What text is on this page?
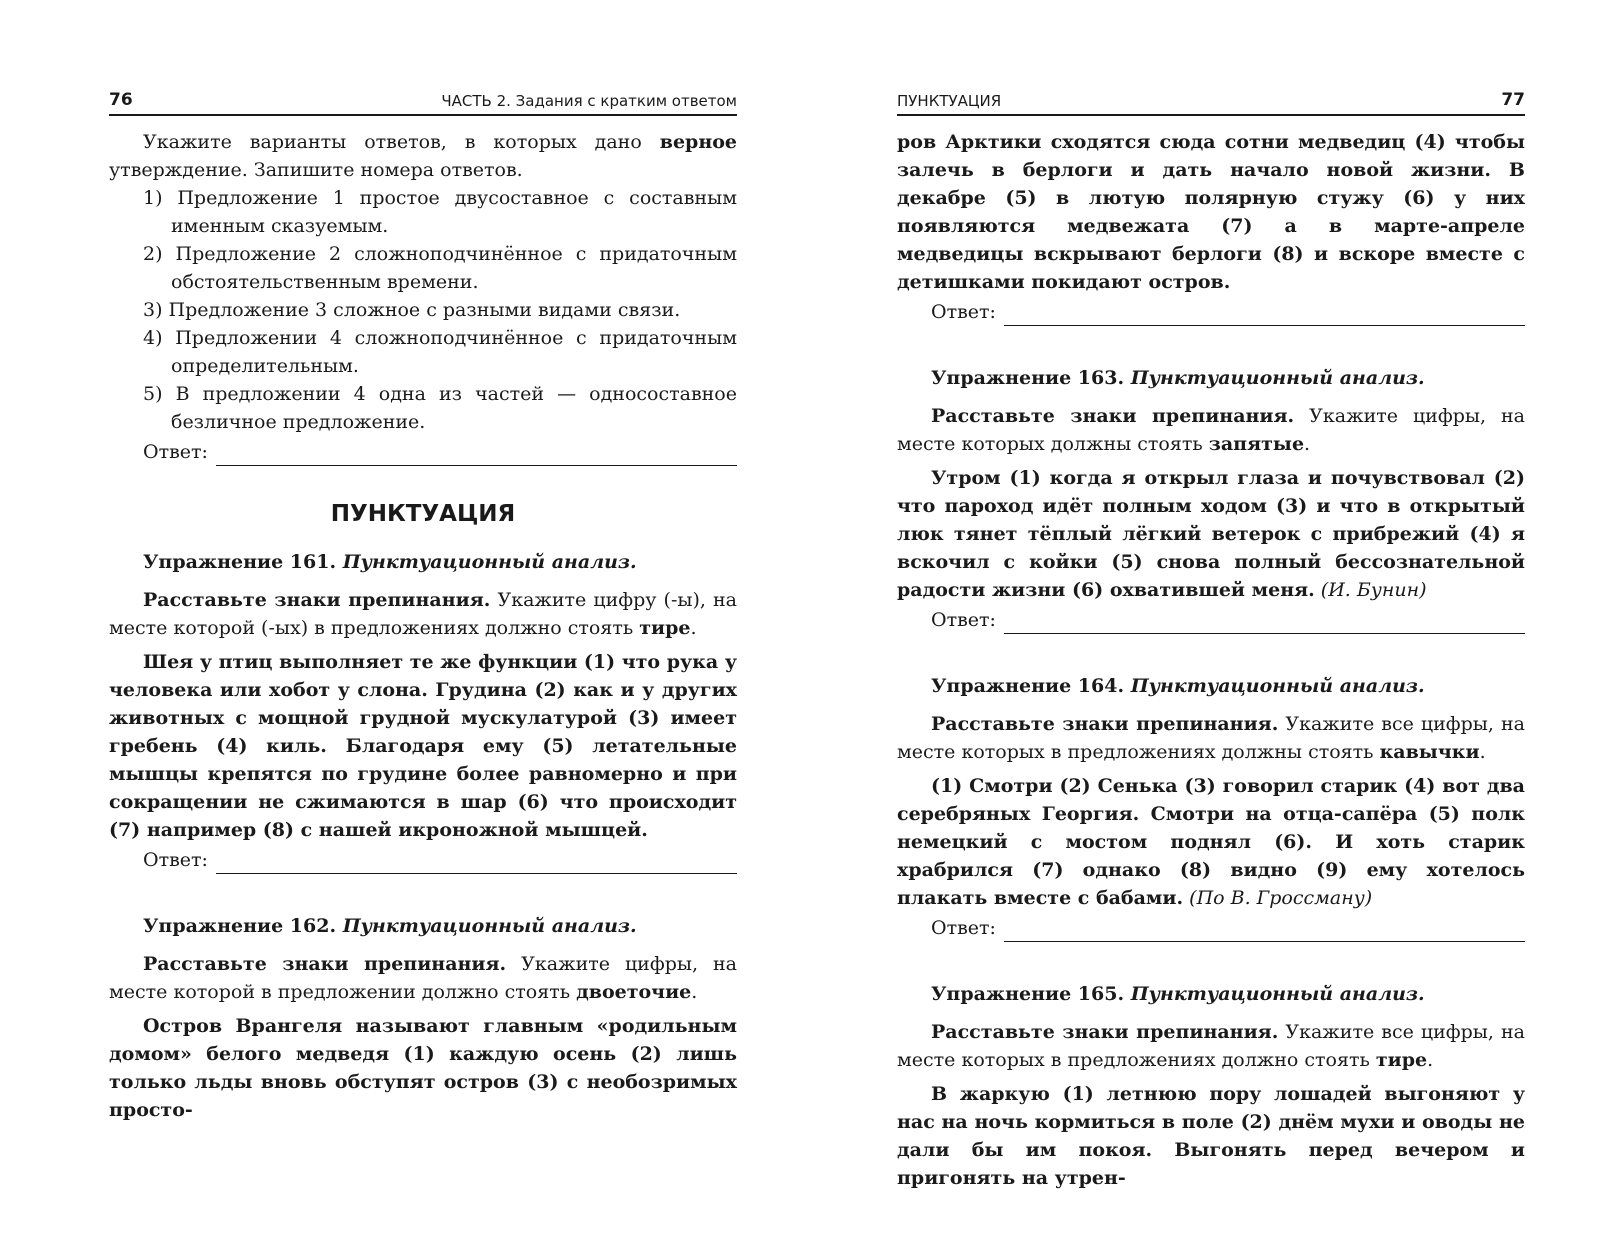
76	ЧАСТЬ 2. Задания с кратким ответом

Укажите варианты ответов, в которых дано верное утверждение. Запишите номера ответов.

1) Предложение 1 простое двусоставное с составным именным сказуемым.
2) Предложение 2 сложноподчинённое с придаточным обстоятельственным времени.
3) Предложение 3 сложное с разными видами связи.
4) Предложении 4 сложноподчинённое с придаточным определительным.
5) В предложении 4 одна из частей — односоставное безличное предложение.
Ответ:
ПУНКТУАЦИЯ
Упражнение 161. Пунктуационный анализ.

Расставьте знаки препинания. Укажите цифру (-ы), на месте которой (-ых) в предложениях должно стоять тире.

Шея у птиц выполняет те же функции (1) что рука у человека или хобот у слона. Грудина (2) как и у других животных с мощной грудной мускулатурой (3) имеет гребень (4) киль. Благодаря ему (5) летательные мышцы крепятся по грудине более равномерно и при сокращении не сжимаются в шар (6) что происходит (7) например (8) с нашей икроножной мышцей.

Ответ:
Упражнение 162. Пунктуационный анализ.

Расставьте знаки препинания. Укажите цифры, на месте которой в предложении должно стоять двоеточие.

Остров Врангеля называют главным «родильным домом» белого медведя (1) каждую осень (2) лишь только льды вновь обступят остров (3) с необозримых просто-

ПУНКТУАЦИЯ	77

ров Арктики сходятся сюда сотни медведиц (4) чтобы залечь в берлоги и дать начало новой жизни. В декабре (5) в лютую полярную стужу (6) у них появляются медвежата (7) а в марте-апреле медведицы вскрывают берлоги (8) и вскоре вместе с детишками покидают остров.

Ответ:
Упражнение 163. Пунктуационный анализ.

Расставьте знаки препинания. Укажите цифры, на месте которых должны стоять запятые.

Утром (1) когда я открыл глаза и почувствовал (2) что пароход идёт полным ходом (3) и что в открытый люк тянет тёплый лёгкий ветерок с прибрежий (4) я вскочил с койки (5) снова полный бессознательной радости жизни (6) охватившей меня. (И. Бунин)

Ответ:
Упражнение 164. Пунктуационный анализ.

Расставьте знаки препинания. Укажите все цифры, на месте которых в предложениях должны стоять кавычки.

(1) Смотри (2) Сенька (3) говорил старик (4) вот два серебряных Георгия. Смотри на отца-сапёра (5) полк немецкий с мостом поднял (6). И хоть старик храбрился (7) однако (8) видно (9) ему хотелось плакать вместе с бабами. (По В. Гроссману)

Ответ:
Упражнение 165. Пунктуационный анализ.

Расставьте знаки препинания. Укажите все цифры, на месте которых в предложениях должно стоять тире.

В жаркую (1) летнюю пору лошадей выгоняют у нас на ночь кормиться в поле (2) днём мухи и оводы не дали бы им покоя. Выгонять перед вечером и пригонять на утрен-
